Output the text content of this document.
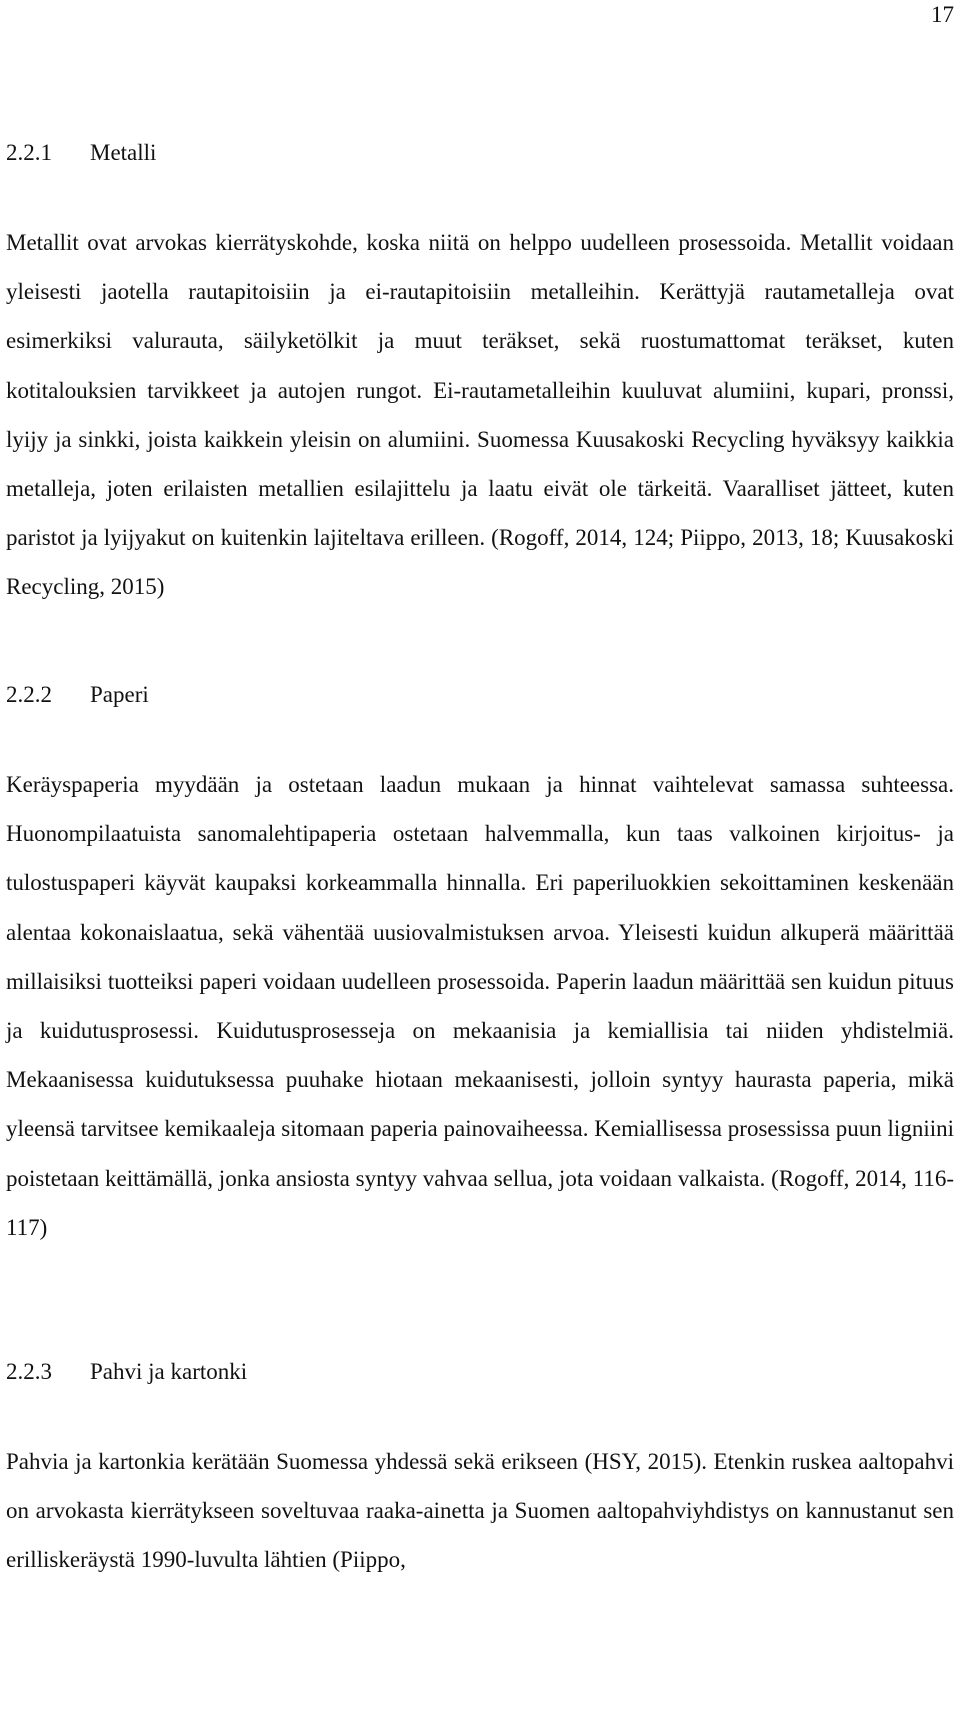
17
2.2.1 Metalli

Metallit ovat arvokas kierrätyskohde, koska niitä on helppo uudelleen prosessoida. Metallit voidaan yleisesti jaotella rautapitoisiin ja ei-rautapitoisiin metalleihin. Kerättyjä rautametalleja ovat esimerkiksi valurauta, säilyketölkit ja muut teräkset, sekä ruostumattomat teräkset, kuten kotitalouksien tarvikkeet ja autojen rungot. Ei-rautametalleihin kuuluvat alumiini, kupari, pronssi, lyijy ja sinkki, joista kaikkein yleisin on alumiini. Suomessa Kuusakoski Recycling hyväksyy kaikkia metalleja, joten erilaisten metallien esilajittelu ja laatu eivät ole tärkeitä. Vaaralliset jätteet, kuten paristot ja lyijyakut on kuitenkin lajiteltava erilleen. (Rogoff, 2014, 124; Piippo, 2013, 18; Kuusakoski Recycling, 2015)

2.2.2 Paperi

Keräyspaperia myydään ja ostetaan laadun mukaan ja hinnat vaihtelevat samassa suhteessa. Huonompilaatuista sanomalehtipaperia ostetaan halvemmalla, kun taas valkoinen kirjoitus- ja tulostuspaperi käyvät kaupaksi korkeammalla hinnalla. Eri paperiluokkien sekoittaminen keskenään alentaa kokonaislaatua, sekä vähentää uusiovalmistuksen arvoa. Yleisesti kuidun alkuperä määrittää millaisiksi tuotteiksi paperi voidaan uudelleen prosessoida. Paperin laadun määrittää sen kuidun pituus ja kuidutusprosessi. Kuidutusprosesseja on mekaanisia ja kemiallisia tai niiden yhdistelmiä. Mekaanisessa kuidutuksessa puuhake hiotaan mekaanisesti, jolloin syntyy haurasta paperia, mikä yleensä tarvitsee kemikaaleja sitomaan paperia painovaiheessa. Kemiallisessa prosessissa puun ligniini poistetaan keittämällä, jonka ansiosta syntyy vahvaa sellua, jota voidaan valkaista. (Rogoff, 2014, 116-117)

2.2.3 Pahvi ja kartonki

Pahvia ja kartonkia kerätään Suomessa yhdessä sekä erikseen (HSY, 2015). Etenkin ruskea aaltopahvi on arvokasta kierrätykseen soveltuvaa raaka-ainetta ja Suomen aaltopahviyhdistys on kannustanut sen erilliskeräystä 1990-luvulta lähtien (Piippo,
